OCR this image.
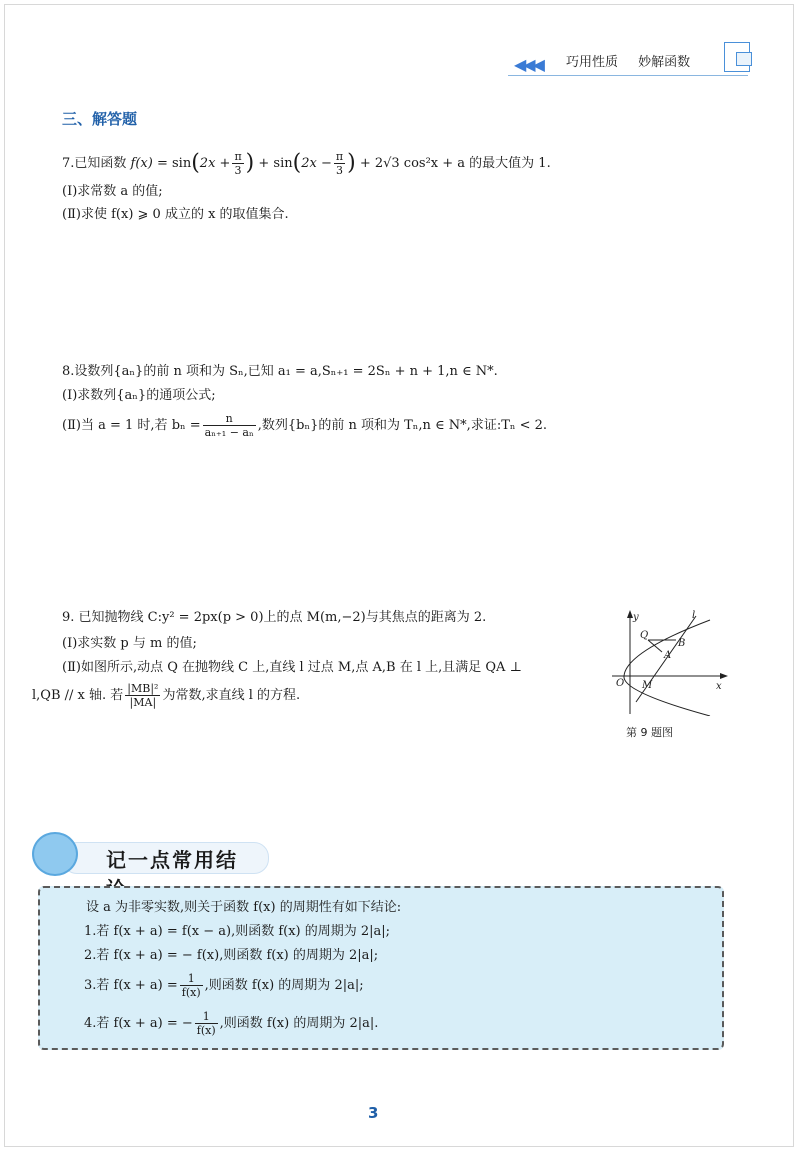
◀◀◀ 巧用性质 妙解函数
三、解答题
7.已知函数 $f(x) = \sin(2x + \frac{\pi}{3}$ ) + $\sin(2x - \frac{\pi}{3}$ ) + 2√3 cos²x + a 的最大值为 1.
(Ⅰ)求常数 a 的值;
(Ⅱ)求使 f(x) ⩾ 0 成立的 x 的取值集合.
8.设数列{aₙ}的前 n 项和为 Sₙ,已知 a₁ = a,Sₙ₊₁ = 2Sₙ + n + 1,n ∈ N*.
(Ⅰ)求数列{aₙ}的通项公式;
(Ⅱ)当 a = 1 时,若 $b_n = \frac{n}{\text{aₙ₊₁ − aₙ}}$ ,数列{bₙ}的前 n 项和为 Tₙ,n ∈ N*,求证:Tₙ < 2.
9. 已知抛物线 C:y² = 2px(p > 0)上的点 M(m,−2)与其焦点的距离为 2.
(Ⅰ)求实数 p 与 m 的值;
(Ⅱ)如图所示,动点 Q 在抛物线 C 上,直线 l 过点 M,点 A,B 在 l 上,且满足 QA ⊥
l,QB // x 轴. 若 $\frac{\text{|MB|²}}{|MA|}$ 为常数,求直线 l 的方程.
y
x
O
l
Q
B
A
M
第 9 题图
记一点常用结
设 a 为非零实数,则关于函数 f(x) 的周期性有如下结论:
1.若 f(x + a) = f(x − a),则函数 f(x) 的周期为 2|a|;
2.若 f(x + a) = − f(x),则函数 f(x) 的周期为 2|a|;
3.若 $f(x + a) = \frac{1}{f(x)}$ ,则函数 f(x) 的周期为 2|a|;
4.若 f(x + a) = − $\frac{1}{f(x)}$ ,则函数 f(x) 的周期为 2|a|.
3
